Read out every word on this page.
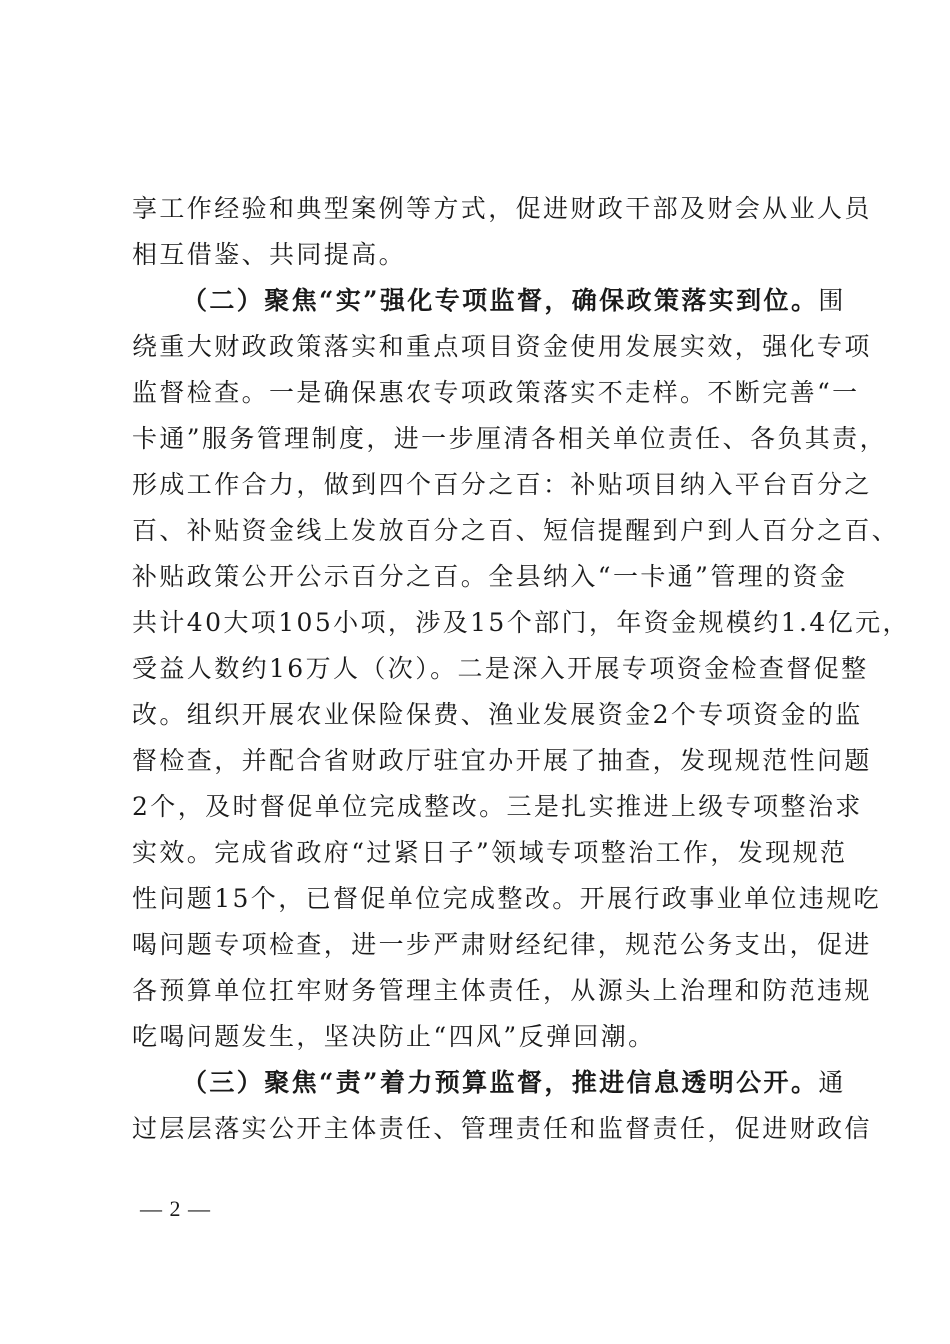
享工作经验和典型案例等方式，促进财政干部及财会从业人员
相互借鉴、共同提高。
（二）聚焦“实”强化专项监督，确保政策落实到位。围
绕重大财政政策落实和重点项目资金使用发展实效，强化专项
监督检查。一是确保惠农专项政策落实不走样。不断完善“一
卡通”服务管理制度，进一步厘清各相关单位责任、各负其责，
形成工作合力，做到四个百分之百：补贴项目纳入平台百分之
百、补贴资金线上发放百分之百、短信提醒到户到人百分之百、
补贴政策公开公示百分之百。全县纳入“一卡通”管理的资金
共计40大项105小项，涉及15个部门，年资金规模约1.4亿元，
受益人数约16万人（次）。二是深入开展专项资金检查督促整
改。组织开展农业保险保费、渔业发展资金2个专项资金的监
督检查，并配合省财政厅驻宜办开展了抽查，发现规范性问题
2个，及时督促单位完成整改。三是扎实推进上级专项整治求
实效。完成省政府“过紧日子”领域专项整治工作，发现规范
性问题15个，已督促单位完成整改。开展行政事业单位违规吃
喝问题专项检查，进一步严肃财经纪律，规范公务支出，促进
各预算单位扛牢财务管理主体责任，从源头上治理和防范违规
吃喝问题发生，坚决防止“四风”反弹回潮。
（三）聚焦“责”着力预算监督，推进信息透明公开。通
过层层落实公开主体责任、管理责任和监督责任，促进财政信
— 2 —
